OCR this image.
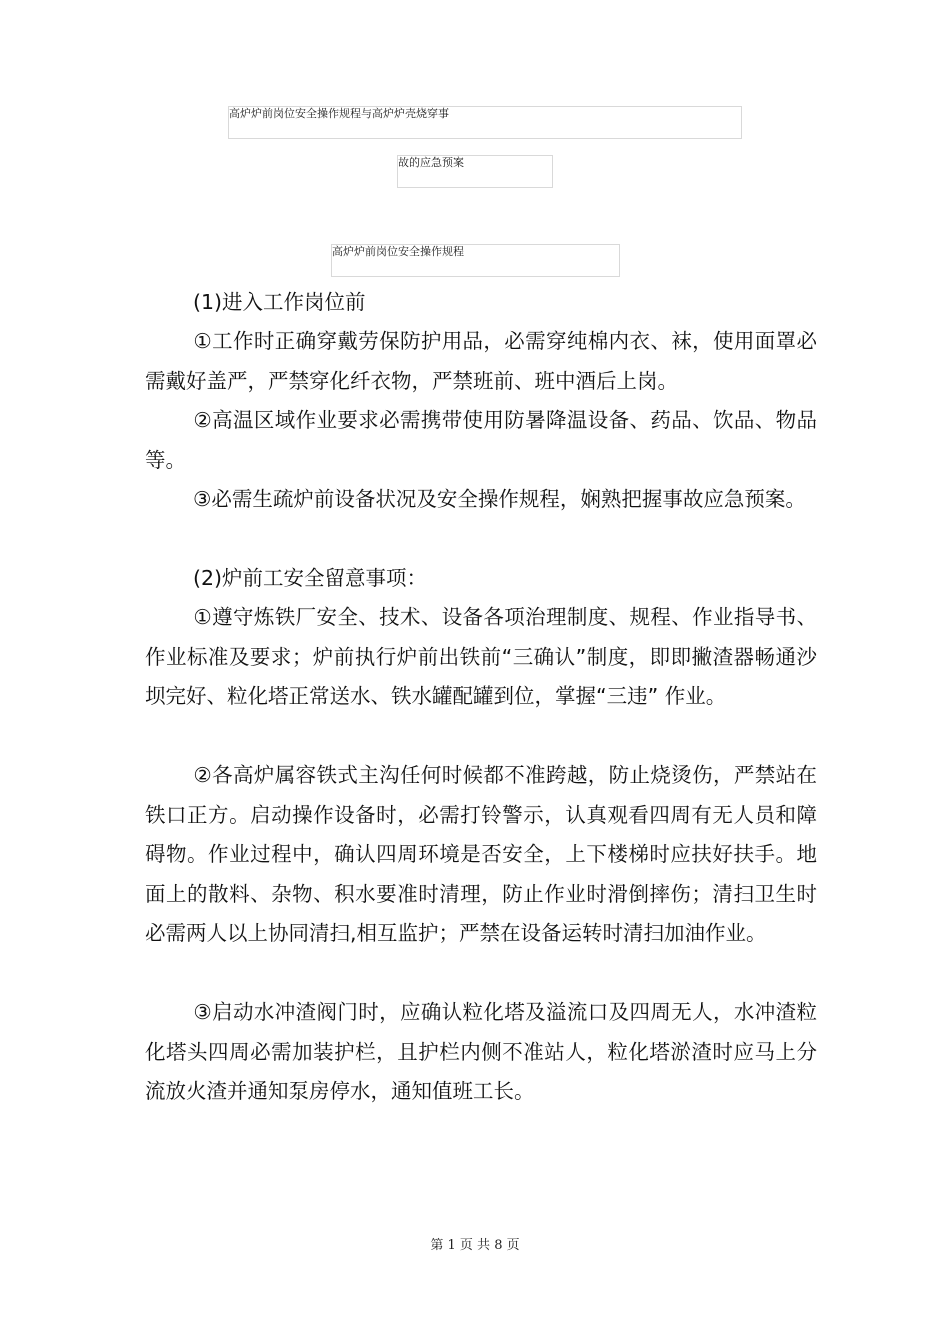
高炉炉前岗位安全操作规程与高炉炉壳烧穿事
故的应急预案
高炉炉前岗位安全操作规程

(1)进入工作岗位前

①工作时正确穿戴劳保防护用品，必需穿纯棉内衣、袜，使用面罩必需戴好盖严，严禁穿化纤衣物，严禁班前、班中酒后上岗。

②高温区域作业要求必需携带使用防暑降温设备、药品、饮品、物品等。

③必需生疏炉前设备状况及安全操作规程，娴熟把握事故应急预案。

(2)炉前工安全留意事项：

①遵守炼铁厂安全、技术、设备各项治理制度、规程、作业指导书、作业标准及要求；炉前执行炉前出铁前“三确认”制度，即即撇渣器畅通沙坝完好、粒化塔正常送水、铁水罐配罐到位，掌握“三违” 作业。

②各高炉属容铁式主沟任何时候都不准跨越，防止烧烫伤，严禁站在铁口正方。启动操作设备时，必需打铃警示，认真观看四周有无人员和障碍物。作业过程中，确认四周环境是否安全，上下楼梯时应扶好扶手。地面上的散料、杂物、积水要准时清理，防止作业时滑倒摔伤；清扫卫生时必需两人以上协同清扫,相互监护；严禁在设备运转时清扫加油作业。

③启动水冲渣阀门时，应确认粒化塔及溢流口及四周无人，水冲渣粒化塔头四周必需加装护栏，且护栏内侧不准站人，粒化塔淤渣时应马上分流放火渣并通知泵房停水，通知值班工长。

第 1 页 共 8 页
